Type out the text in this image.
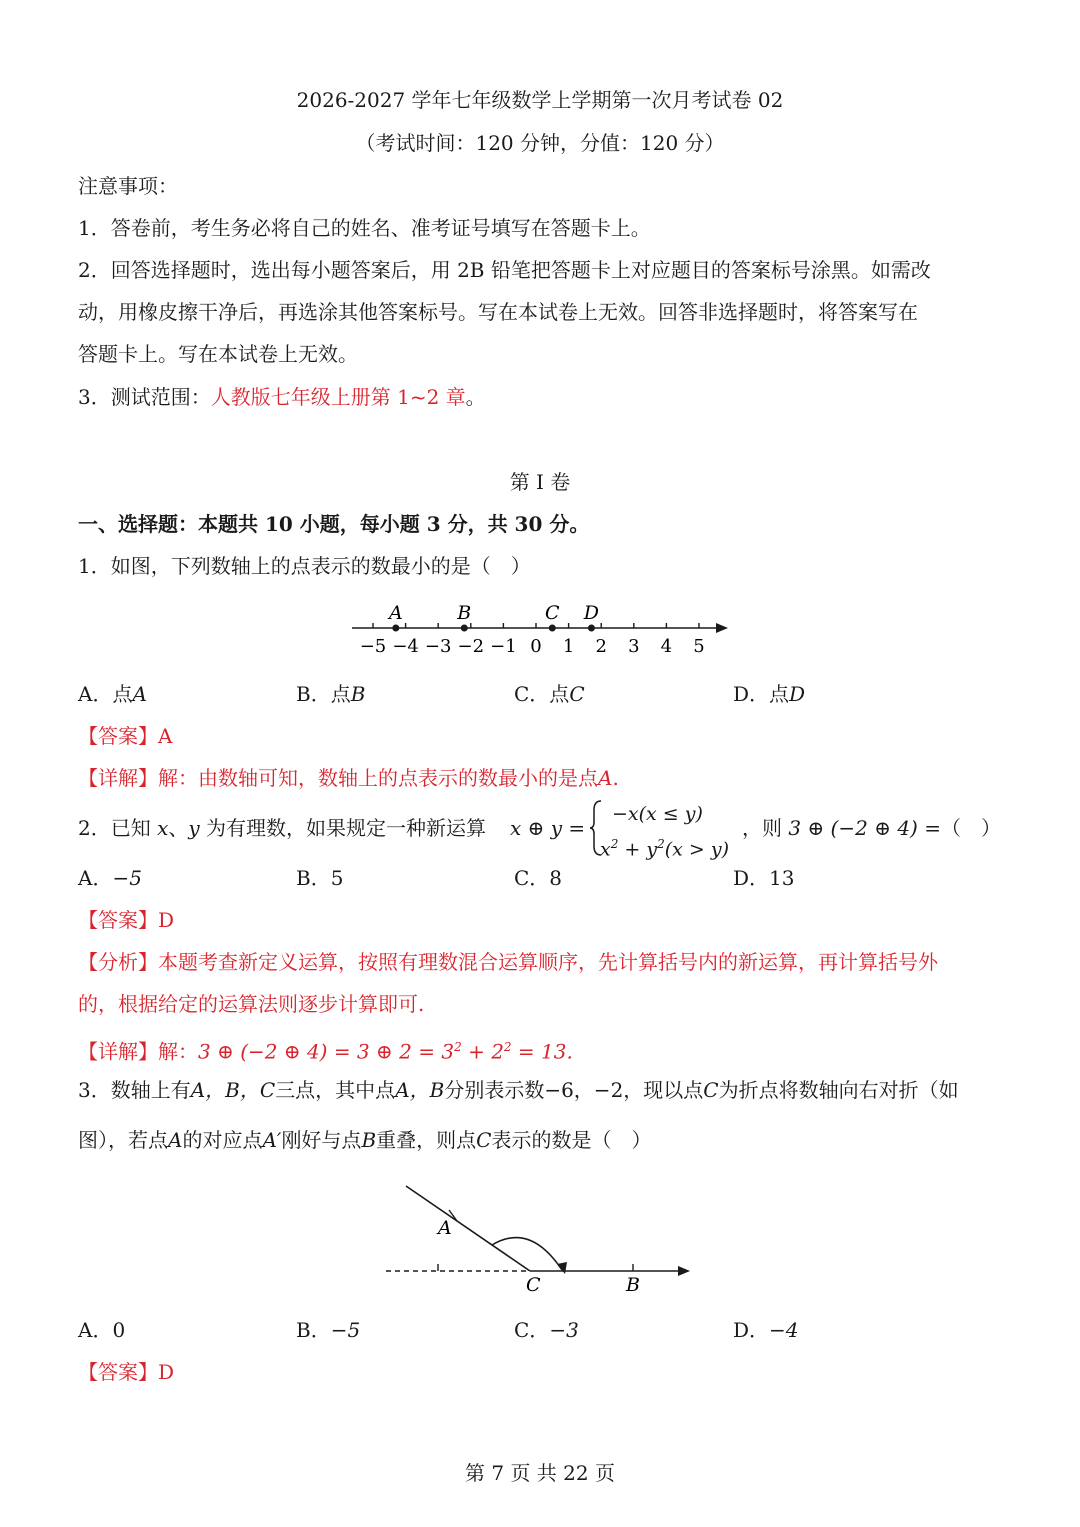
2026-2027 学年七年级数学上学期第一次月考试卷 02
（考试时间：120 分钟，分值：120 分）
注意事项：
1．答卷前，考生务必将自己的姓名、准考证号填写在答题卡上。
2．回答选择题时，选出每小题答案后，用 2B 铅笔把答题卡上对应题目的答案标号涂黑。如需改
动，用橡皮擦干净后，再选涂其他答案标号。写在本试卷上无效。回答非选择题时，将答案写在
答题卡上。写在本试卷上无效。
3．测试范围：人教版七年级上册第 1~2 章。
第 I 卷
一、选择题：本题共 10 小题，每小题 3 分，共 30 分。
1．如图，下列数轴上的点表示的数最小的是（　）
−5 −4 −3 −2 −1 0 1 2 3 4 5
A	B	C D
A．点A	B．点B	C．点C	D．点D
【答案】A
【详解】解：由数轴可知，数轴上的点表示的数最小的是点A.
2．已知 x、y 为有理数，如果规定一种新运算 x ⊕ y =
−x(x ≤ y)
$x^2 + y^2(x > y)$
，则 3 ⊕ (−2 ⊕ 4) =（　）
A．−5	B．5	C．8	D．13
【答案】D
【分析】本题考查新定义运算，按照有理数混合运算顺序，先计算括号内的新运算，再计算括号外
的，根据给定的运算法则逐步计算即可.
【详解】解：3 ⊕ (−2 ⊕ 4) = 3 ⊕ $2 = 3^2 + 2^2 = 13$.
3．数轴上有A，B，C三点，其中点A，B分别表示数−6，−2，现以点C为折点将数轴向右对折（如
图），若点A的对应点A′刚好与点B重叠，则点C表示的数是（　）
A
C	B
A．0	B．−5	C．−3	D．−4
【答案】D
第 7 页 共 22 页
